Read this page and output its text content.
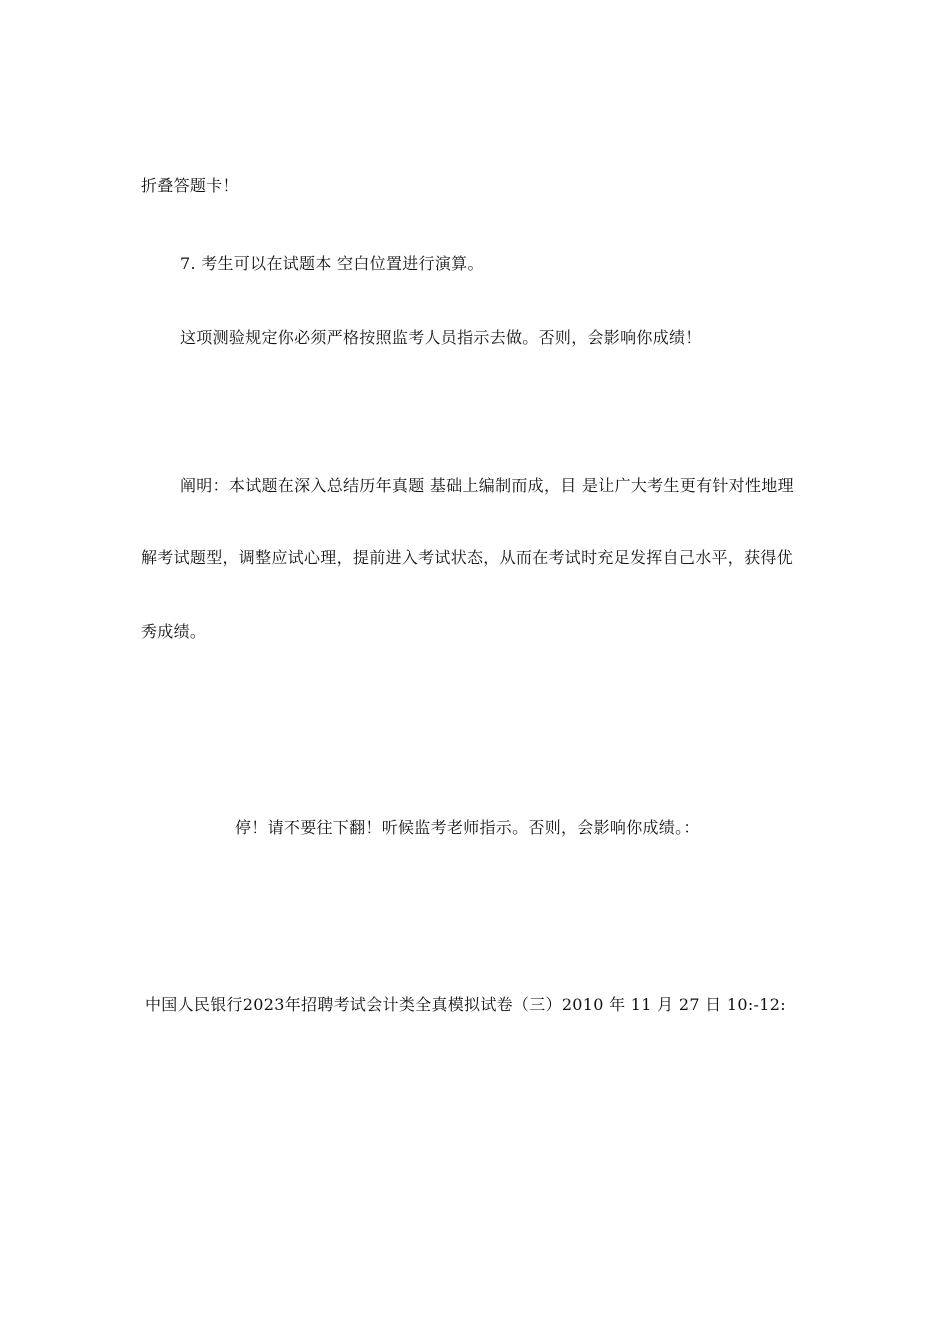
折叠答题卡！
7. 考生可以在试题本 空白位置进行演算。
这项测验规定你必须严格按照监考人员指示去做。否则，会影响你成绩！
阐明：本试题在深入总结历年真题 基础上编制而成，目 是让广大考生更有针对性地理
解考试题型，调整应试心理，提前进入考试状态，从而在考试时充足发挥自己水平，获得优
秀成绩。
停！请不要往下翻！听候监考老师指示。否则，会影响你成绩。：
中国人民银行2023年招聘考试会计类全真模拟试卷（三）2010 年 11 月 27 日 10:-12:
